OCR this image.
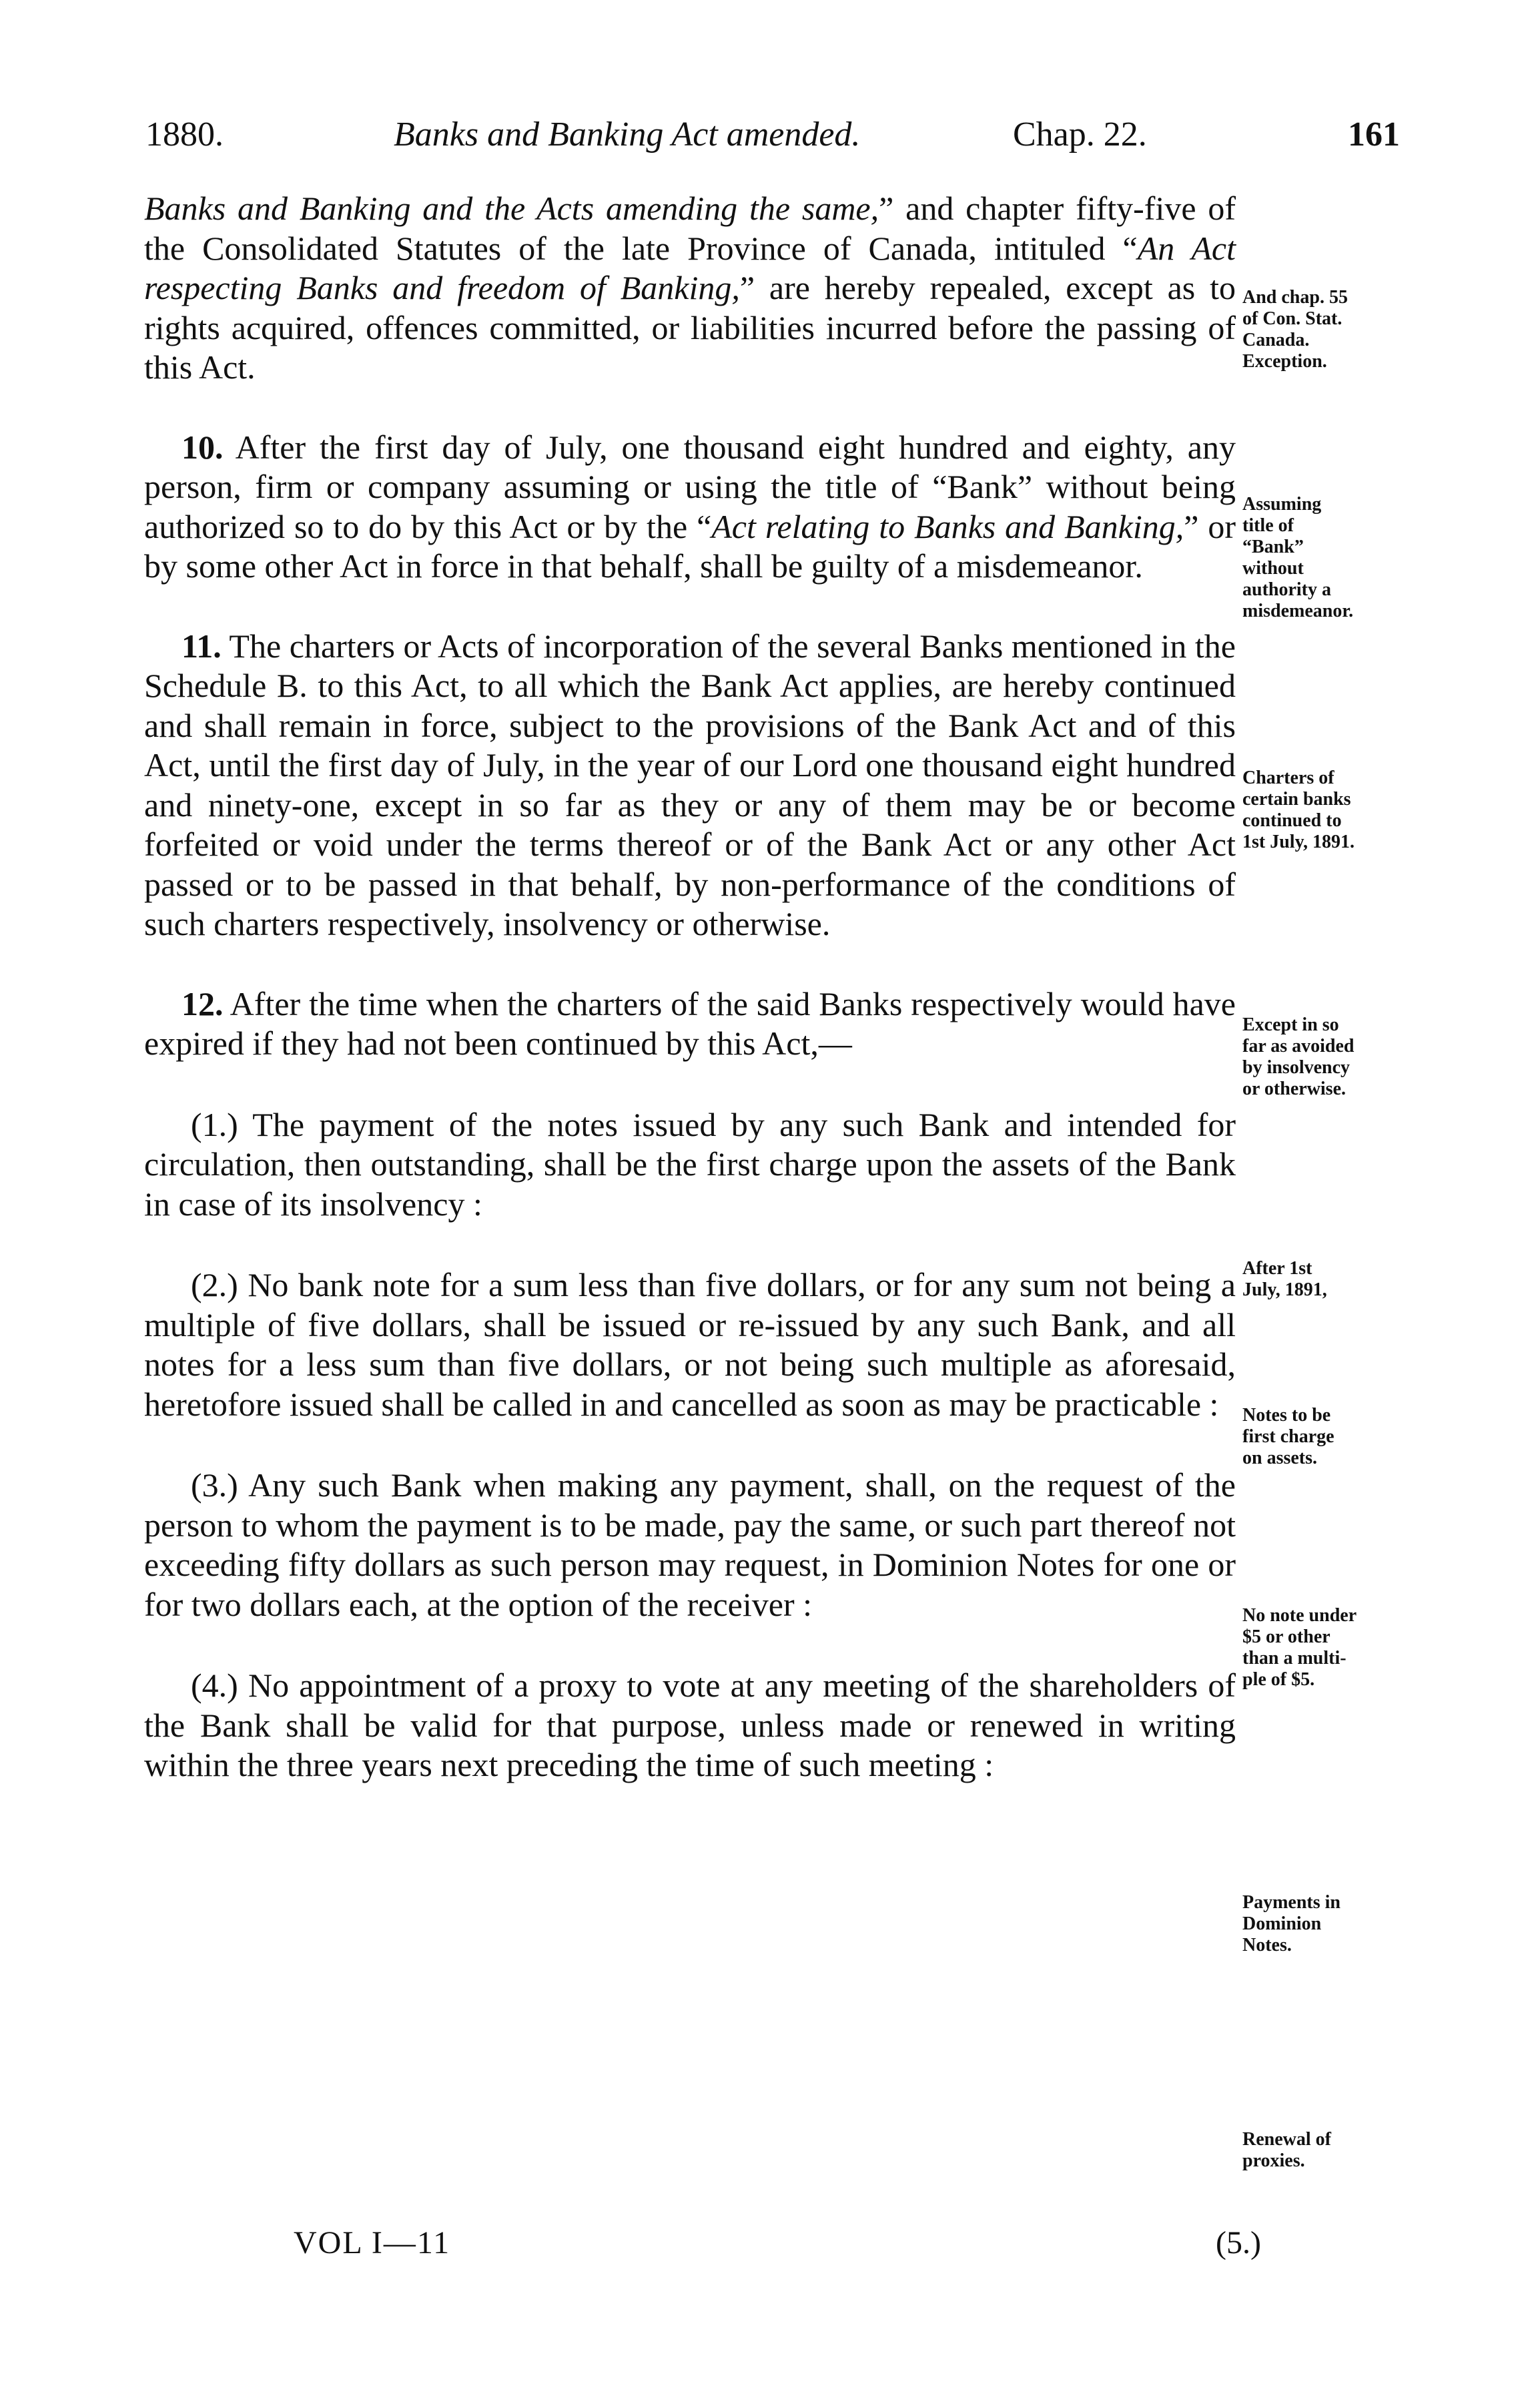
1880.	Banks and Banking Act amended.	Chap. 22.	161

Banks and Banking and the Acts amending the same,” and chapter fifty-five of the Consolidated Statutes of the late Province of Canada, intituled “An Act respecting Banks and freedom of Banking,” are hereby repealed, except as to rights acquired, offences committed, or liabilities incurred before the passing of this Act.

10. After the first day of July, one thousand eight hundred and eighty, any person, firm or company assuming or using the title of “Bank” without being authorized so to do by this Act or by the “Act relating to Banks and Banking,” or by some other Act in force in that behalf, shall be guilty of a misdemeanor.

11. The charters or Acts of incorporation of the several Banks mentioned in the Schedule B. to this Act, to all which the Bank Act applies, are hereby continued and shall remain in force, subject to the provisions of the Bank Act and of this Act, until the first day of July, in the year of our Lord one thousand eight hundred and ninety-one, except in so far as they or any of them may be or become forfeited or void under the terms thereof or of the Bank Act or any other Act passed or to be passed in that behalf, by non-performance of the conditions of such charters respectively, insolvency or otherwise.

12. After the time when the charters of the said Banks respectively would have expired if they had not been continued by this Act,—

(1.) The payment of the notes issued by any such Bank and intended for circulation, then outstanding, shall be the first charge upon the assets of the Bank in case of its insolvency :

(2.) No bank note for a sum less than five dollars, or for any sum not being a multiple of five dollars, shall be issued or re-issued by any such Bank, and all notes for a less sum than five dollars, or not being such multiple as aforesaid, heretofore issued shall be called in and cancelled as soon as may be practicable :

(3.) Any such Bank when making any payment, shall, on the request of the person to whom the payment is to be made, pay the same, or such part thereof not exceeding fifty dollars as such person may request, in Dominion Notes for one or for two dollars each, at the option of the receiver :

(4.) No appointment of a proxy to vote at any meeting of the shareholders of the Bank shall be valid for that purpose, unless made or renewed in writing within the three years next preceding the time of such meeting :

And chap. 55
of Con. Stat.
Canada.
Exception.
Assuming
title of
“Bank”
without
authority a
misdemeanor.
Charters of
certain banks
continued to
1st July, 1891.
Except in so
far as avoided
by insolvency
or otherwise.
After 1st
July, 1891,
Notes to be
first charge
on assets.
No note under
$5 or other
than a multi-
ple of $5.
Payments in
Dominion
Notes.
Renewal of
proxies.
VOL I—11	(5.)
